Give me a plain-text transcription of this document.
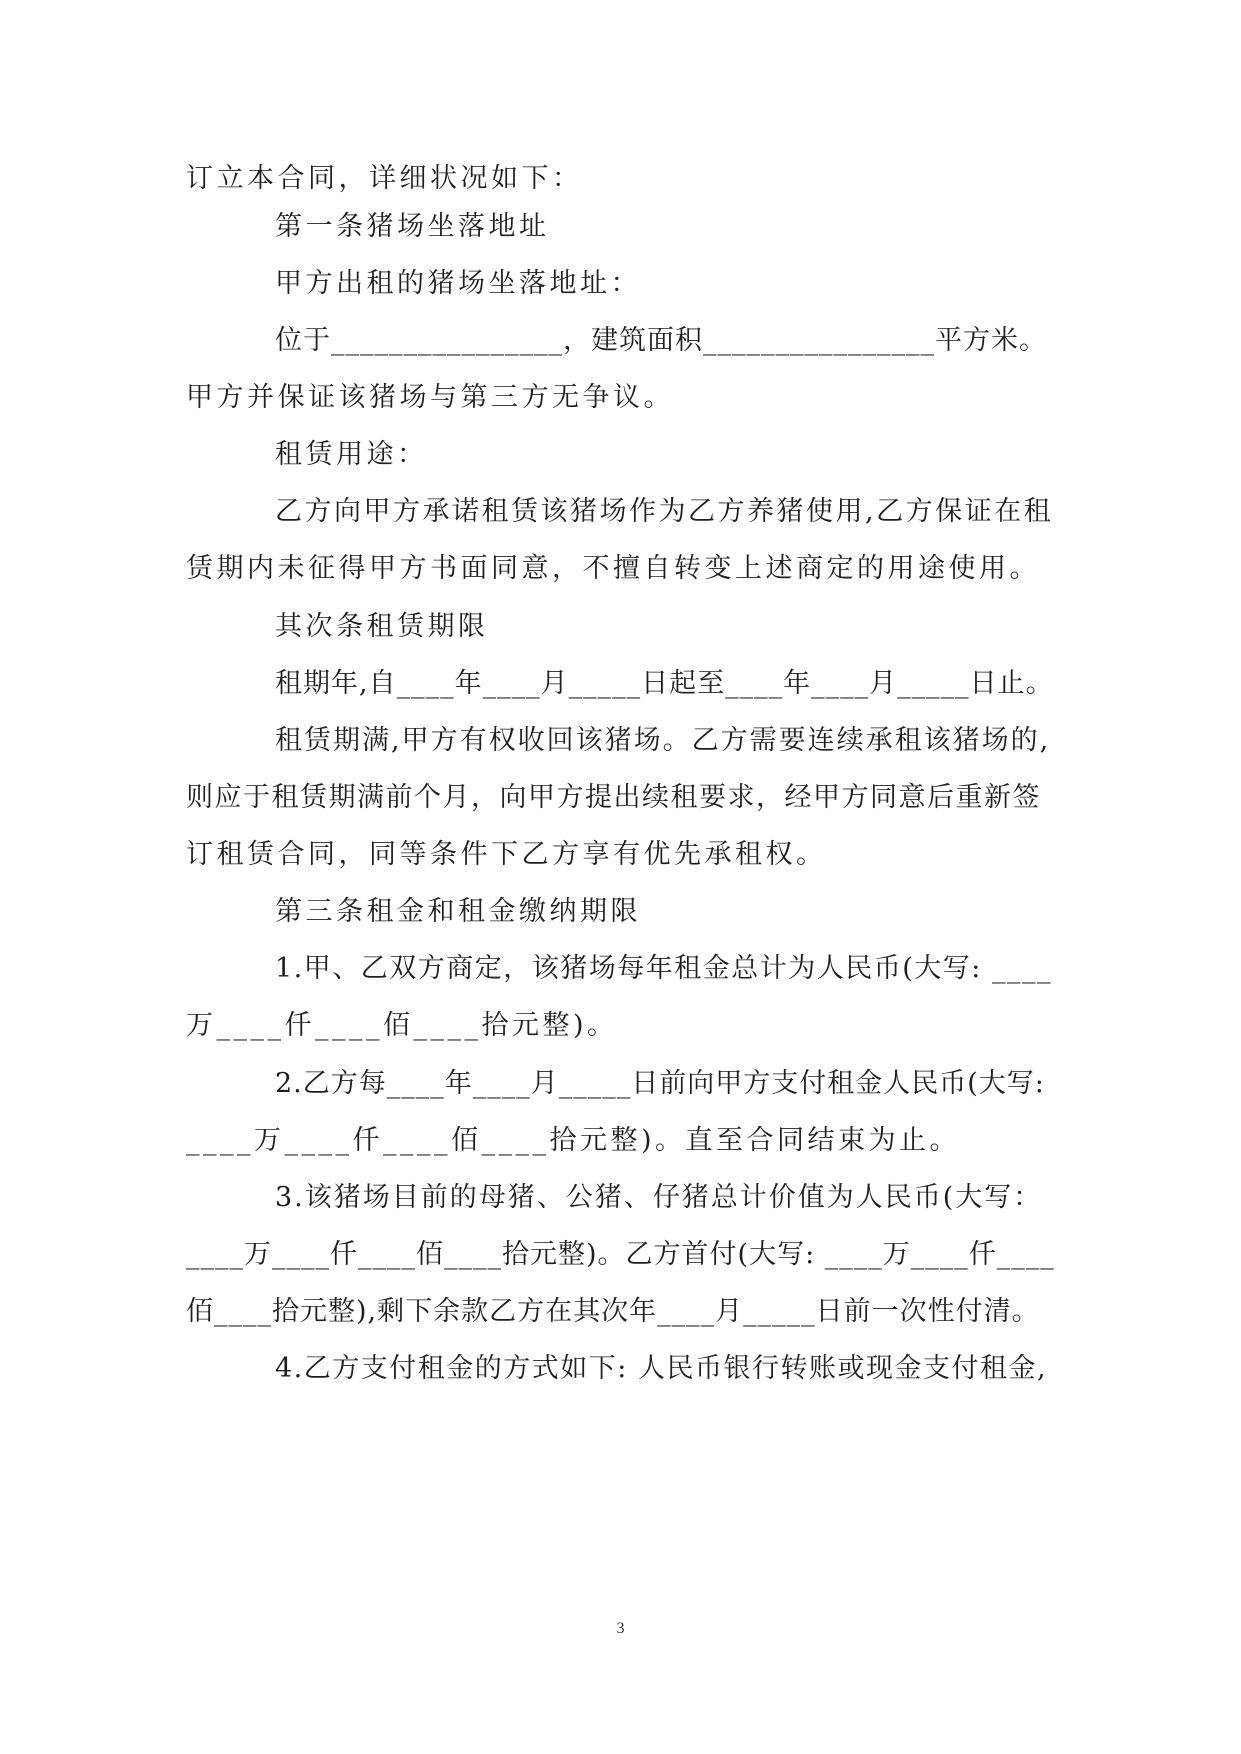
订立本合同，详细状况如下：
第一条猪场坐落地址
甲方出租的猪场坐落地址：
位于________________，建筑面积________________平方米。
甲方并保证该猪场与第三方无争议。
租赁用途：
乙方向甲方承诺租赁该猪场作为乙方养猪使用,乙方保证在租
赁期内未征得甲方书面同意，不擅自转变上述商定的用途使用。
其次条租赁期限
租期年,自____年____月_____日起至____年____月_____日止。
租赁期满,甲方有权收回该猪场。乙方需要连续承租该猪场的,
则应于租赁期满前个月，向甲方提出续租要求，经甲方同意后重新签
订租赁合同，同等条件下乙方享有优先承租权。
第三条租金和租金缴纳期限
1.甲、乙双方商定，该猪场每年租金总计为人民币(大写: ____
万____仟____佰____拾元整)。
2.乙方每____年____月_____日前向甲方支付租金人民币(大写:
____万____仟____佰____拾元整)。直至合同结束为止。
3.该猪场目前的母猪、公猪、仔猪总计价值为人民币(大写：
____万____仟____佰____拾元整)。乙方首付(大写: ____万____仟____
佰____拾元整),剩下余款乙方在其次年____月_____日前一次性付清。
4.乙方支付租金的方式如下: 人民币银行转账或现金支付租金,
3
